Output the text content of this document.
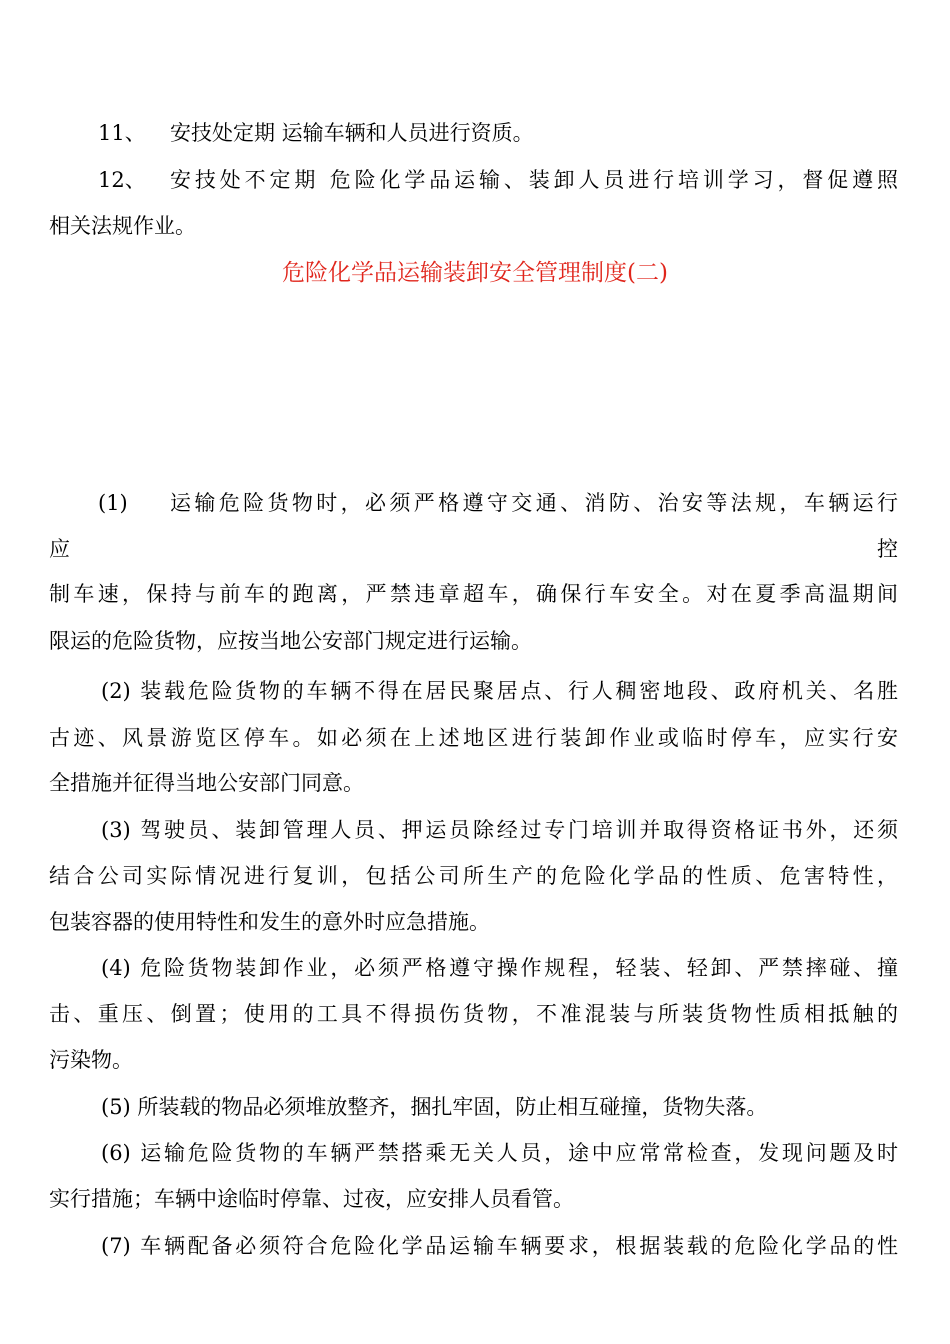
11、 安技处定期 运输车辆和人员进行资质。
12、 安技处不定期 危险化学品运输、装卸人员进行培训学习，督促遵照
相关法规作业。
危险化学品运输装卸安全管理制度(二)
(1) 运输危险货物时，必须严格遵守交通、消防、治安等法规，车辆运行
应	控
制车速，保持与前车的跑离，严禁违章超车，确保行车安全。对在夏季高温期间
限运的危险货物，应按当地公安部门规定进行运输。
(2) 装载危险货物的车辆不得在居民聚居点、行人稠密地段、政府机关、名胜
古迹、风景游览区停车。如必须在上述地区进行装卸作业或临时停车，应实行安
全措施并征得当地公安部门同意。
(3) 驾驶员、装卸管理人员、押运员除经过专门培训并取得资格证书外，还须
结合公司实际情况进行复训，包括公司所生产的危险化学品的性质、危害特性，
包装容器的使用特性和发生的意外时应急措施。
(4) 危险货物装卸作业，必须严格遵守操作规程，轻装、轻卸、严禁摔碰、撞
击、重压、倒置；使用的工具不得损伤货物，不准混装与所装货物性质相抵触的
污染物。
(5) 所装载的物品必须堆放整齐，捆扎牢固，防止相互碰撞，货物失落。
(6) 运输危险货物的车辆严禁搭乘无关人员，途中应常常检查，发现问题及时
实行措施；车辆中途临时停靠、过夜，应安排人员看管。
(7) 车辆配备必须符合危险化学品运输车辆要求，根据装载的危险化学品的性
